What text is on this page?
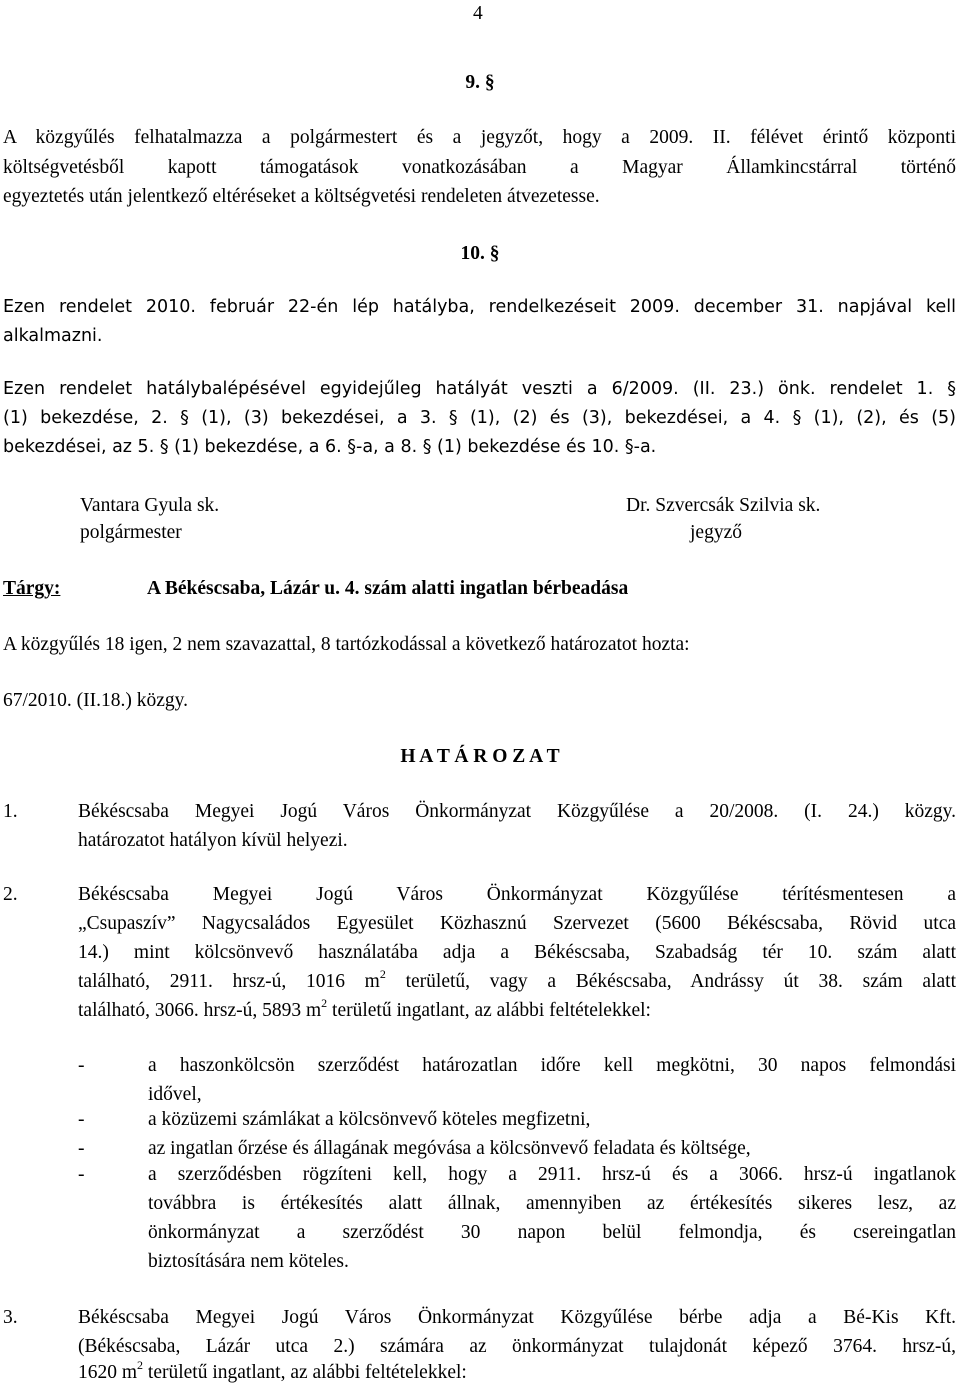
4
9. §
A közgyűlés felhatalmazza a polgármestert és a jegyzőt, hogy a 2009. II. félévet érintő központi
költségvetésből kapott támogatások vonatkozásában a Magyar Államkincstárral történő
egyeztetés után jelentkező eltéréseket a költségvetési rendeleten átvezetesse.
10. §
Ezen rendelet 2010. február 22-én lép hatályba, rendelkezéseit 2009. december 31. napjával kell
alkalmazni.
Ezen rendelet hatálybalépésével egyidejűleg hatályát veszti a 6/2009. (II. 23.) önk. rendelet 1. §
(1) bekezdése, 2. § (1), (3) bekezdései, a 3. § (1), (2) és (3), bekezdései, a 4. § (1), (2), és (5)
bekezdései, az 5. § (1) bekezdése, a 6. §-a, a 8. § (1) bekezdése és 10. §-a.
Vantara Gyula sk.
polgármester
Dr. Szvercsák Szilvia sk.
jegyző
Tárgy:	A Békéscsaba, Lázár u. 4. szám alatti ingatlan bérbeadása
A közgyűlés 18 igen, 2 nem szavazattal, 8 tartózkodással a következő határozatot hozta:
67/2010. (II.18.) közgy.
H A T Á R O Z A T
1.	Békéscsaba Megyei Jogú Város Önkormányzat Közgyűlése a 20/2008. (I. 24.) közgy.
határozatot hatályon kívül helyezi.
2.	Békéscsaba Megyei Jogú Város Önkormányzat Közgyűlése térítésmentesen a
„Csupaszív” Nagycsaládos Egyesület Közhasznú Szervezet (5600 Békéscsaba, Rövid utca
14.) mint kölcsönvevő használatába adja a Békéscsaba, Szabadság tér 10. szám alatt
található, 2911. hrsz-ú, 1016 $m^2$ területű, vagy a Békéscsaba, Andrássy út 38. szám alatt
található, 3066. hrsz-ú, 5893 $m^2$ területű ingatlant, az alábbi feltételekkel:
-	a haszonkölcsön szerződést határozatlan időre kell megkötni, 30 napos felmondási
idővel,
-	a közüzemi számlákat a kölcsönvevő köteles megfizetni,
-	az ingatlan őrzése és állagának megóvása a kölcsönvevő feladata és költsége,
-	a szerződésben rögzíteni kell, hogy a 2911. hrsz-ú és a 3066. hrsz-ú ingatlanok
továbbra is értékesítés alatt állnak, amennyiben az értékesítés sikeres lesz, az
önkormányzat a szerződést 30 napon belül felmondja, és csereingatlan
biztosítására nem köteles.
3.	Békéscsaba Megyei Jogú Város Önkormányzat Közgyűlése bérbe adja a Bé-Kis Kft.
(Békéscsaba, Lázár utca 2.) számára az önkormányzat tulajdonát képező 3764. hrsz-ú,
1620 $m^2$ területű ingatlant, az alábbi feltételekkel:
